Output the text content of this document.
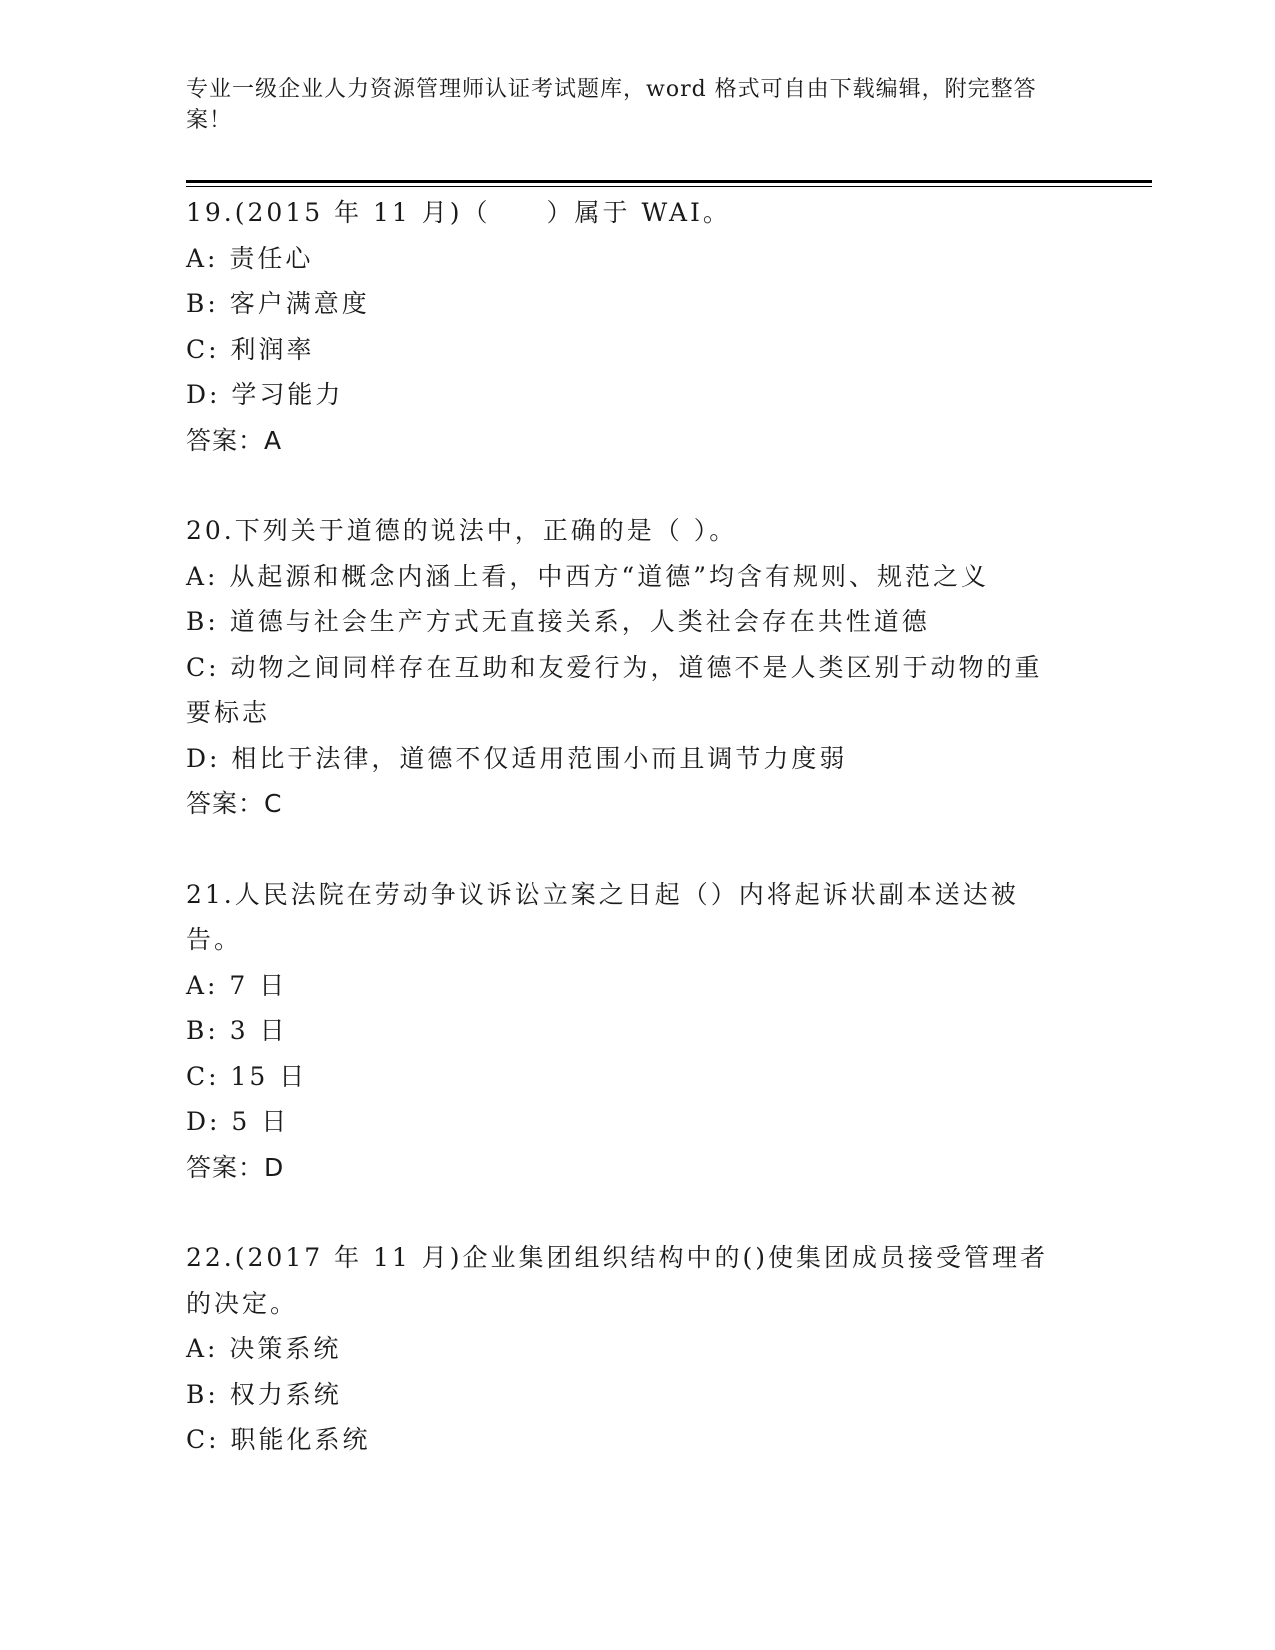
专业一级企业人力资源管理师认证考试题库，word 格式可自由下载编辑，附完整答案！
19.(2015 年 11 月)（　　）属于 WAI。
A: 责任心
B: 客户满意度
C: 利润率
D: 学习能力
答案：A
20.下列关于道德的说法中，正确的是（ ）。
A: 从起源和概念内涵上看，中西方“道德”均含有规则、规范之义
B: 道德与社会生产方式无直接关系，人类社会存在共性道德
C: 动物之间同样存在互助和友爱行为，道德不是人类区别于动物的重要标志
D: 相比于法律，道德不仅适用范围小而且调节力度弱
答案：C
21.人民法院在劳动争议诉讼立案之日起（）内将起诉状副本送达被告。
A: 7 日
B: 3 日
C: 15 日
D: 5 日
答案：D
22.(2017 年 11 月)企业集团组织结构中的()使集团成员接受管理者的决定。
A: 决策系统
B: 权力系统
C: 职能化系统
